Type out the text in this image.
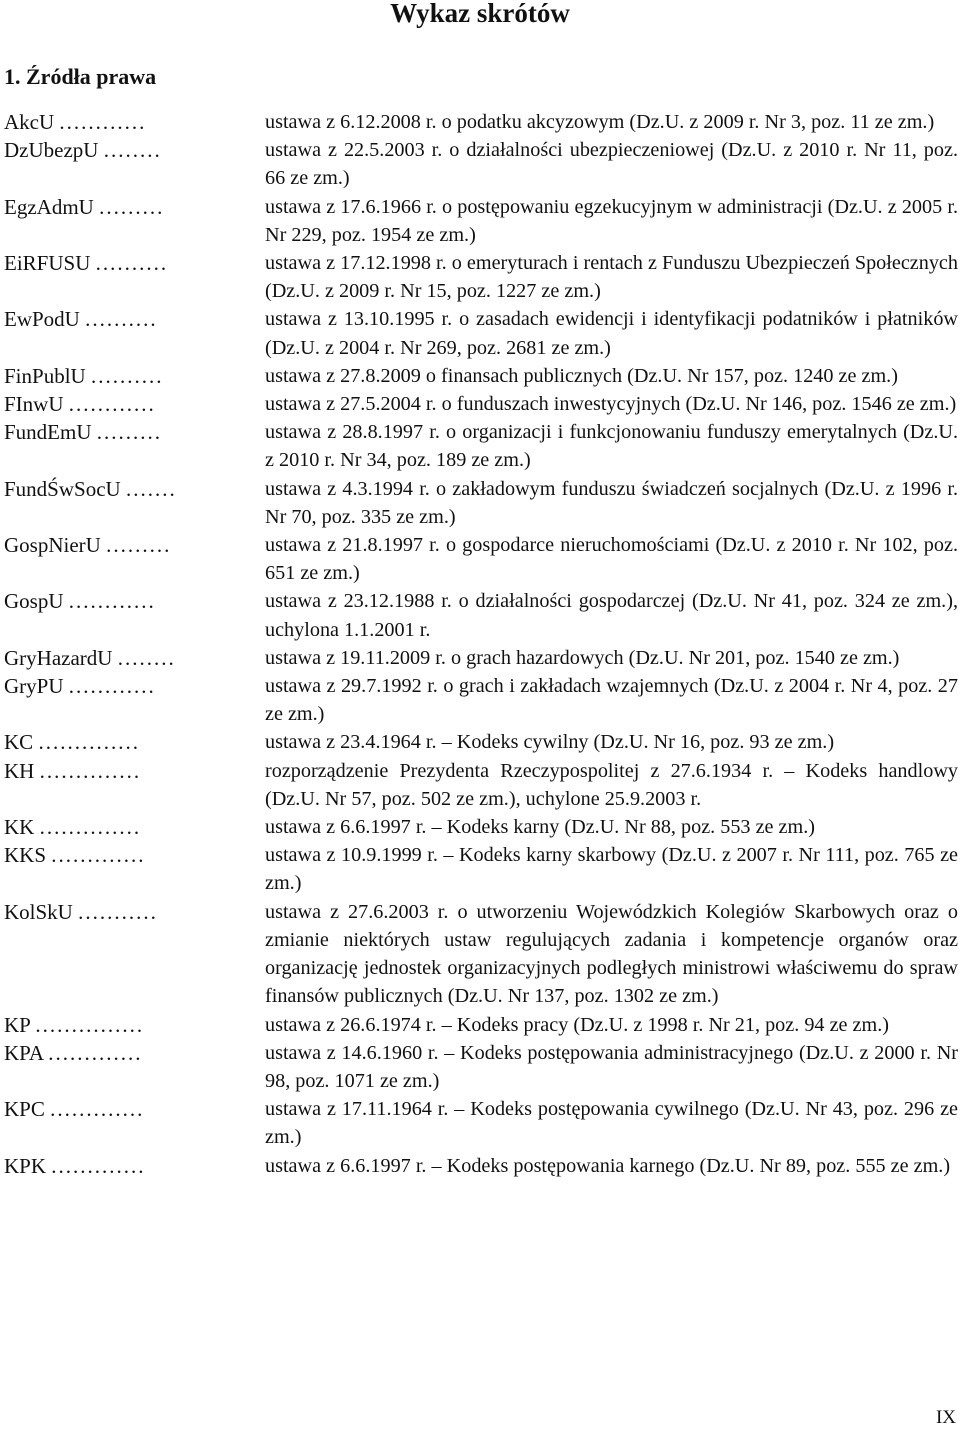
Wykaz skrótów
1. Źródła prawa
AkcU ............	ustawa z 6.12.2008 r. o podatku akcyzowym (Dz.U. z 2009 r. Nr 3, poz. 11 ze zm.)
DzUbezpU ........	ustawa z 22.5.2003 r. o działalności ubezpieczeniowej (Dz.U. z 2010 r. Nr 11, poz. 66 ze zm.)
EgzAdmU .........	ustawa z 17.6.1966 r. o postępowaniu egzekucyjnym w administracji (Dz.U. z 2005 r. Nr 229, poz. 1954 ze zm.)
EiRFUSU ..........	ustawa z 17.12.1998 r. o emeryturach i rentach z Funduszu Ubezpieczeń Społecznych (Dz.U. z 2009 r. Nr 15, poz. 1227 ze zm.)
EwPodU ..........	ustawa z 13.10.1995 r. o zasadach ewidencji i identyfikacji podatników i płatników (Dz.U. z 2004 r. Nr 269, poz. 2681 ze zm.)
FinPublU ..........	ustawa z 27.8.2009 o finansach publicznych (Dz.U. Nr 157, poz. 1240 ze zm.)
FInwU ............	ustawa z 27.5.2004 r. o funduszach inwestycyjnych (Dz.U. Nr 146, poz. 1546 ze zm.)
FundEmU .........	ustawa z 28.8.1997 r. o organizacji i funkcjonowaniu funduszy emerytalnych (Dz.U. z 2010 r. Nr 34, poz. 189 ze zm.)
FundŚwSocU .......	ustawa z 4.3.1994 r. o zakładowym funduszu świadczeń socjalnych (Dz.U. z 1996 r. Nr 70, poz. 335 ze zm.)
GospNierU .........	ustawa z 21.8.1997 r. o gospodarce nieruchomościami (Dz.U. z 2010 r. Nr 102, poz. 651 ze zm.)
GospU ............	ustawa z 23.12.1988 r. o działalności gospodarczej (Dz.U. Nr 41, poz. 324 ze zm.), uchylona 1.1.2001 r.
GryHazardU ........	ustawa z 19.11.2009 r. o grach hazardowych (Dz.U. Nr 201, poz. 1540 ze zm.)
GryPU ............	ustawa z 29.7.1992 r. o grach i zakładach wzajemnych (Dz.U. z 2004 r. Nr 4, poz. 27 ze zm.)
KC ..............	ustawa z 23.4.1964 r. – Kodeks cywilny (Dz.U. Nr 16, poz. 93 ze zm.)
KH ..............	rozporządzenie Prezydenta Rzeczypospolitej z 27.6.1934 r. – Kodeks handlowy (Dz.U. Nr 57, poz. 502 ze zm.), uchylone 25.9.2003 r.
KK ..............	ustawa z 6.6.1997 r. – Kodeks karny (Dz.U. Nr 88, poz. 553 ze zm.)
KKS .............	ustawa z 10.9.1999 r. – Kodeks karny skarbowy (Dz.U. z 2007 r. Nr 111, poz. 765 ze zm.)
KolSkU ...........	ustawa z 27.6.2003 r. o utworzeniu Wojewódzkich Kolegiów Skarbowych oraz o zmianie niektórych ustaw regulujących zadania i kompetencje organów oraz organizację jednostek organizacyjnych podległych ministrowi właściwemu do spraw finansów publicznych (Dz.U. Nr 137, poz. 1302 ze zm.)
KP ...............	ustawa z 26.6.1974 r. – Kodeks pracy (Dz.U. z 1998 r. Nr 21, poz. 94 ze zm.)
KPA .............	ustawa z 14.6.1960 r. – Kodeks postępowania administracyjnego (Dz.U. z 2000 r. Nr 98, poz. 1071 ze zm.)
KPC .............	ustawa z 17.11.1964 r. – Kodeks postępowania cywilnego (Dz.U. Nr 43, poz. 296 ze zm.)
KPK .............	ustawa z 6.6.1997 r. – Kodeks postępowania karnego (Dz.U. Nr 89, poz. 555 ze zm.)
IX
